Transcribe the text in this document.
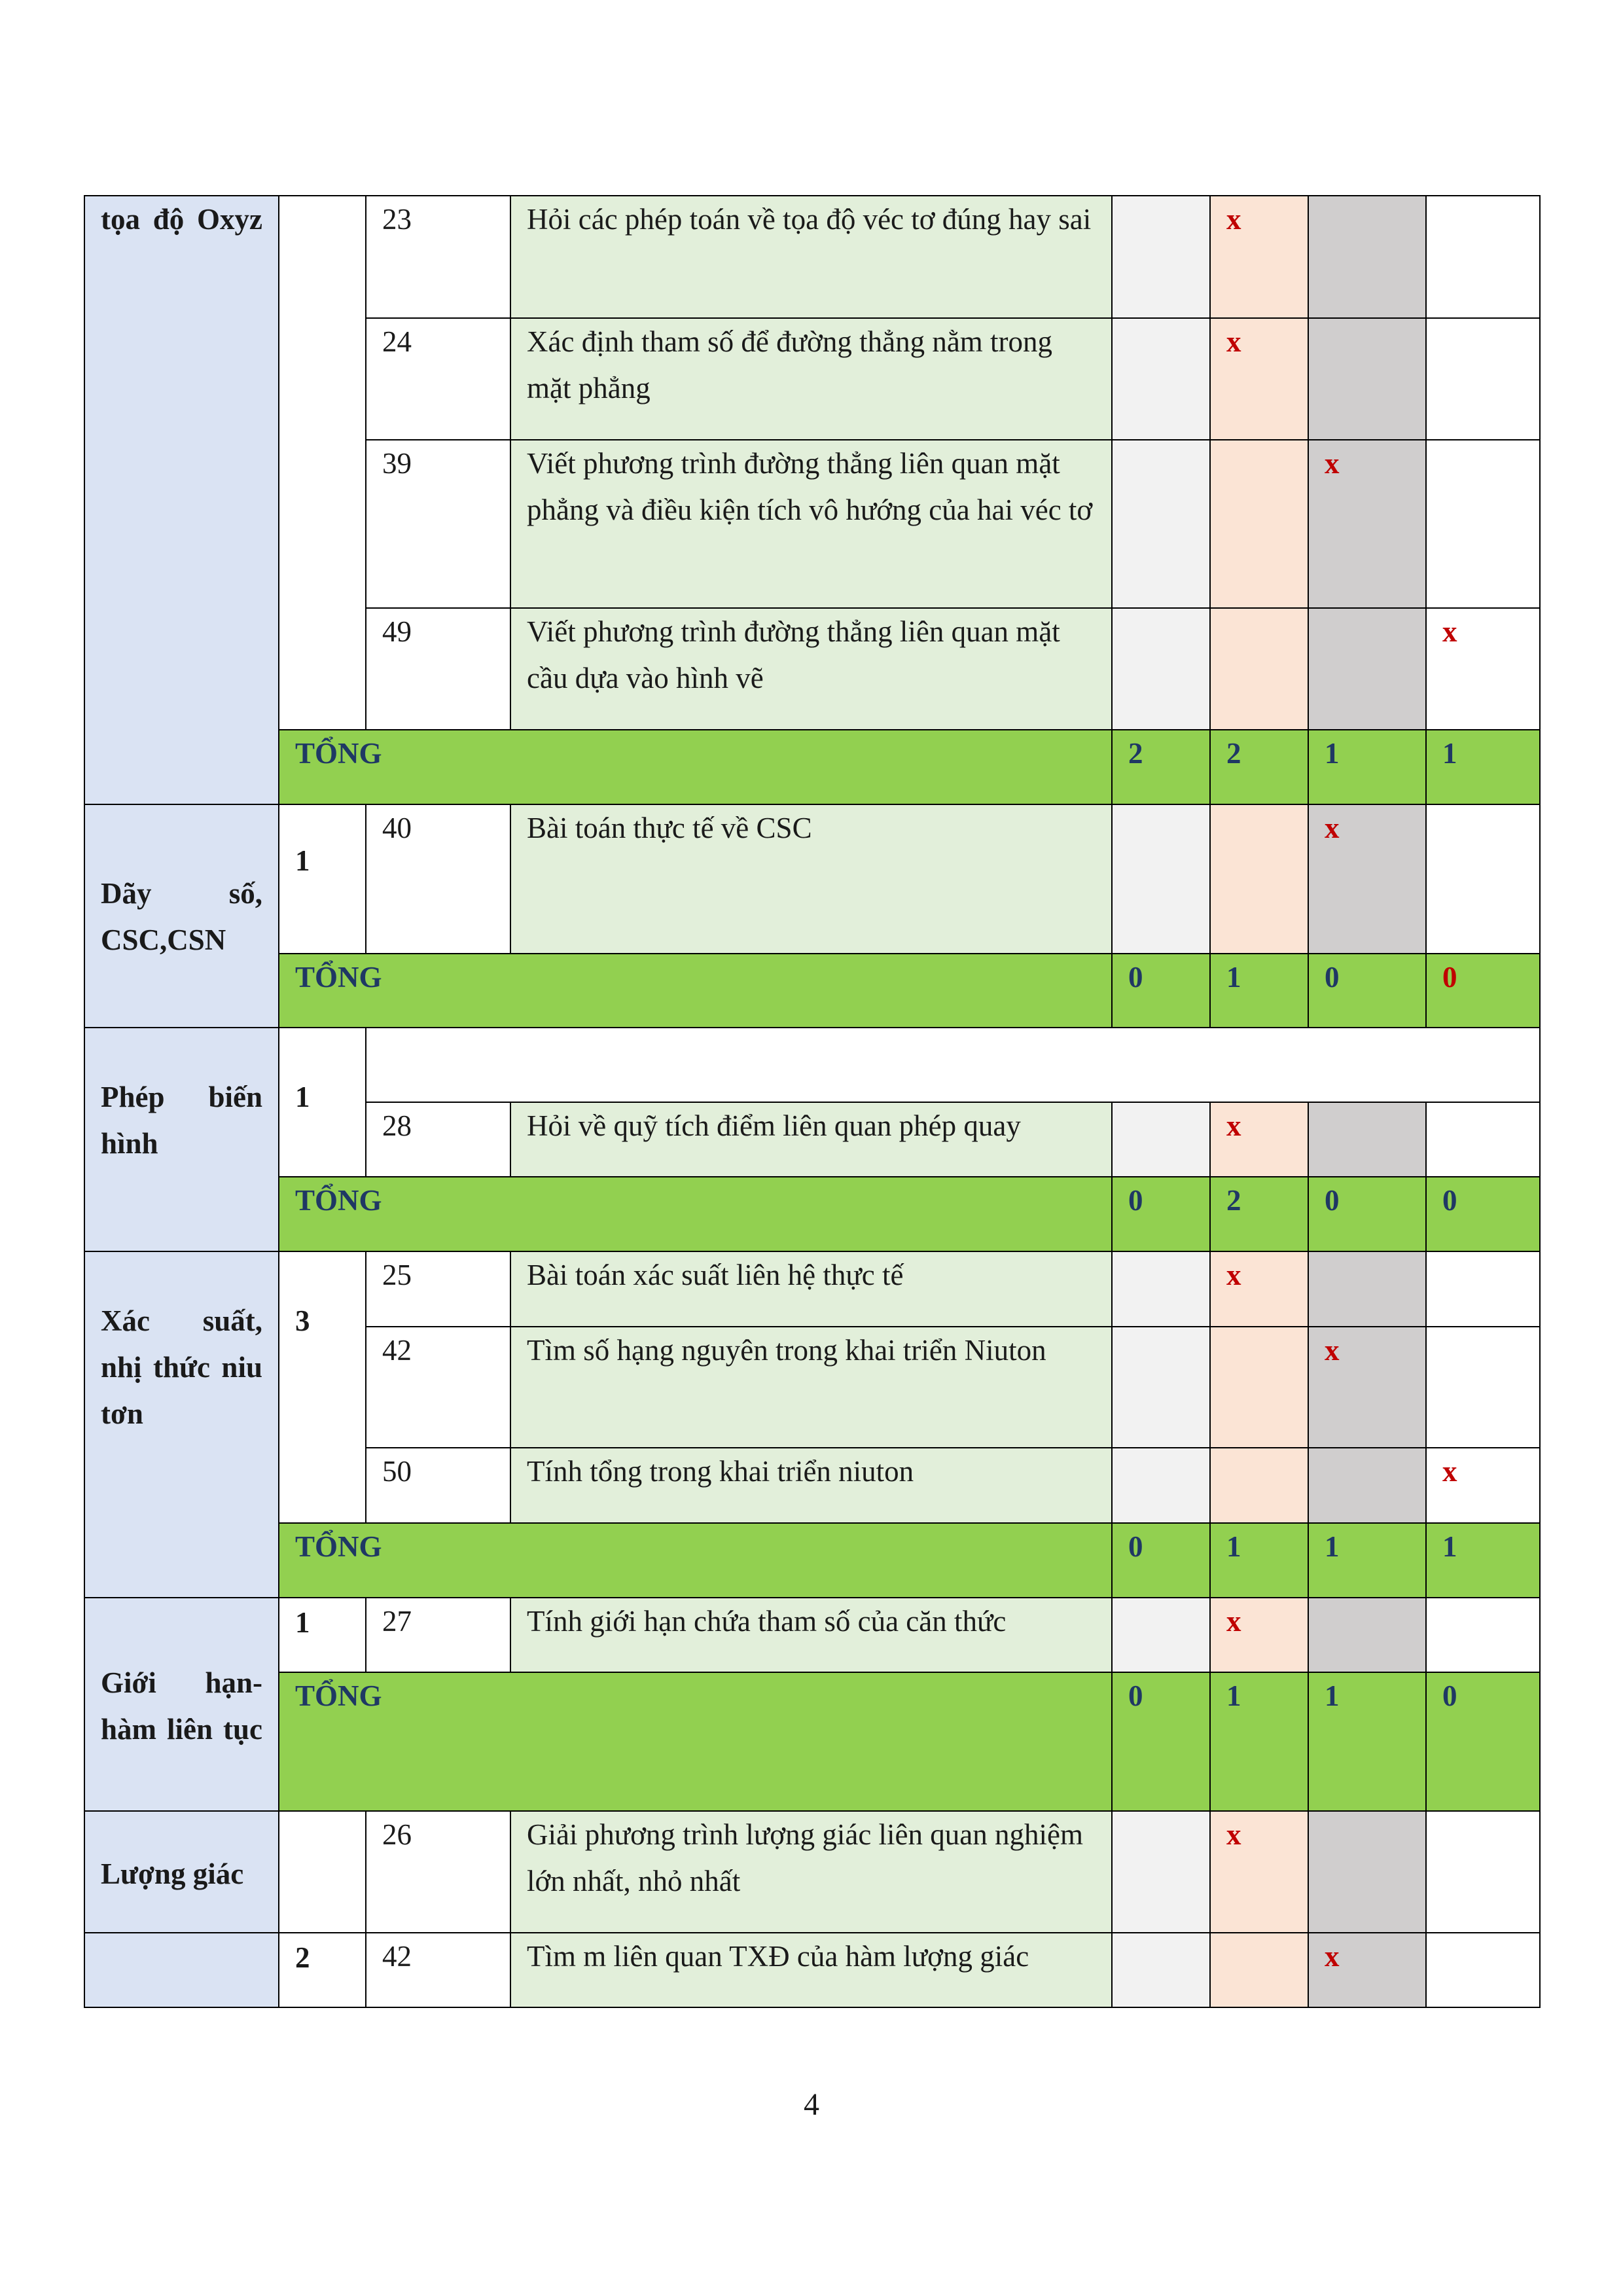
tọa độ Oxyz		23	Hỏi các phép toán về tọa độ véc tơ đúng hay sai		x		
		24	Xác định tham số để đường thẳng nằm trong mặt phẳng		x		
		39	Viết phương trình đường thẳng liên quan mặt phẳng và điều kiện tích vô hướng của hai véc tơ			x	
		49	Viết phương trình đường thẳng liên quan mặt cầu dựa vào hình vẽ				x
	TỔNG			2	2	1	1
Dãy số, CSC,CSN	1	40	Bài toán thực tế về CSC			x	
	TỔNG			0	1	0	0
Phép biến hình	1						
		28	Hỏi về quỹ tích điểm liên quan phép quay		x		
	TỔNG			0	2	0	0
Xác suất, nhị thức niu tơn	3	25	Bài toán xác suất liên hệ thực tế		x		
		42	Tìm số hạng nguyên trong khai triển Niuton			x	
		50	Tính tổng trong khai triển niuton				x
	TỔNG			0	1	1	1
Giới hạn-hàm liên tục	1	27	Tính giới hạn chứa tham số của căn thức		x		
	TỔNG			0	1	1	0
Lượng giác		26	Giải phương trình lượng giác liên quan nghiệm lớn nhất, nhỏ nhất		x		
	2	42	Tìm m liên quan TXĐ của hàm lượng giác			x	
4
